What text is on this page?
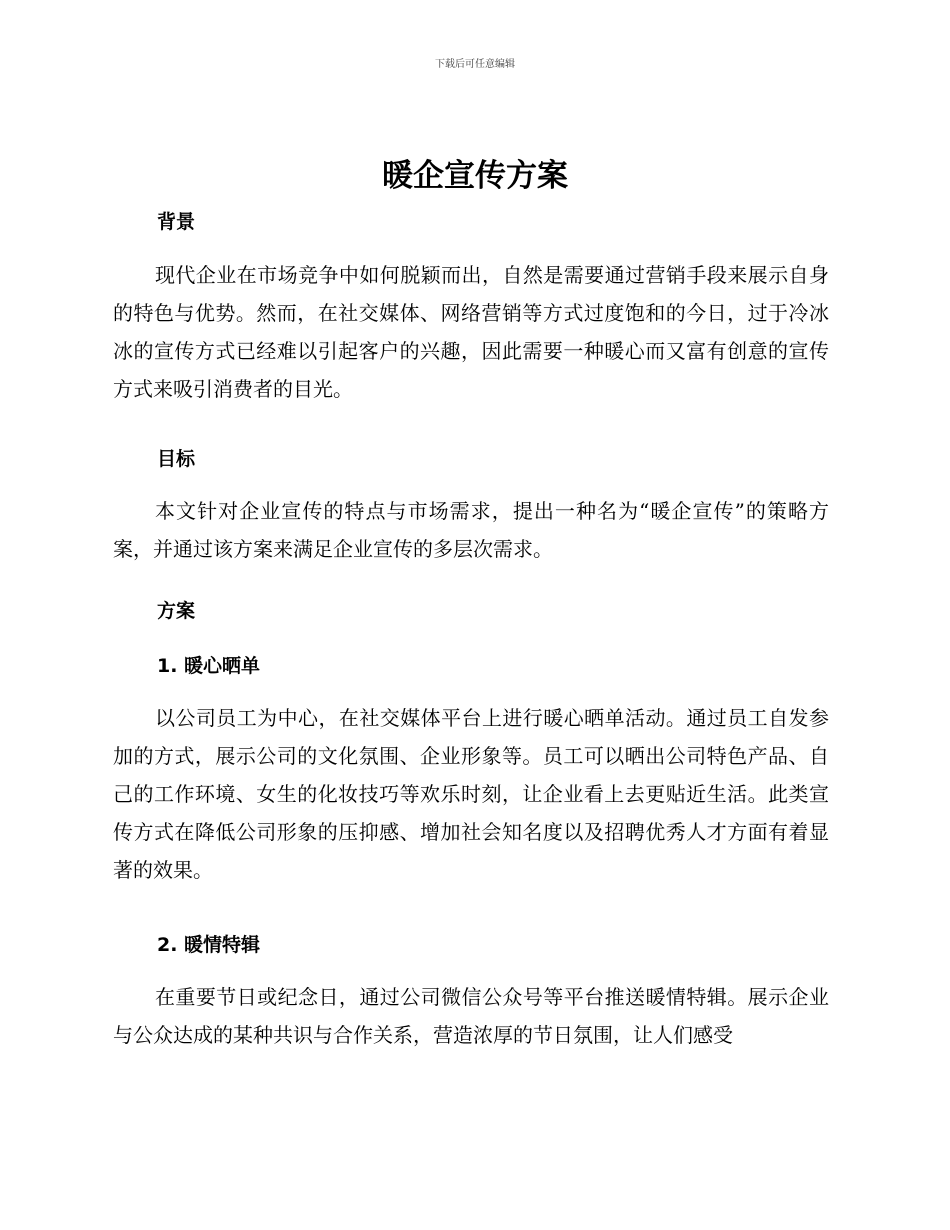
下载后可任意编辑
暖企宣传方案
背景

现代企业在市场竞争中如何脱颖而出，自然是需要通过营销手段来展示自身的特色与优势。然而，在社交媒体、网络营销等方式过度饱和的今日，过于冷冰冰的宣传方式已经难以引起客户的兴趣，因此需要一种暖心而又富有创意的宣传方式来吸引消费者的目光。

目标

本文针对企业宣传的特点与市场需求，提出一种名为“暖企宣传”的策略方案，并通过该方案来满足企业宣传的多层次需求。

方案
1. 暖心晒单

以公司员工为中心，在社交媒体平台上进行暖心晒单活动。通过员工自发参加的方式，展示公司的文化氛围、企业形象等。员工可以晒出公司特色产品、自己的工作环境、女生的化妆技巧等欢乐时刻，让企业看上去更贴近生活。此类宣传方式在降低公司形象的压抑感、增加社会知名度以及招聘优秀人才方面有着显著的效果。

2. 暖情特辑

在重要节日或纪念日，通过公司微信公众号等平台推送暖情特辑。展示企业与公众达成的某种共识与合作关系，营造浓厚的节日氛围，让人们感受
